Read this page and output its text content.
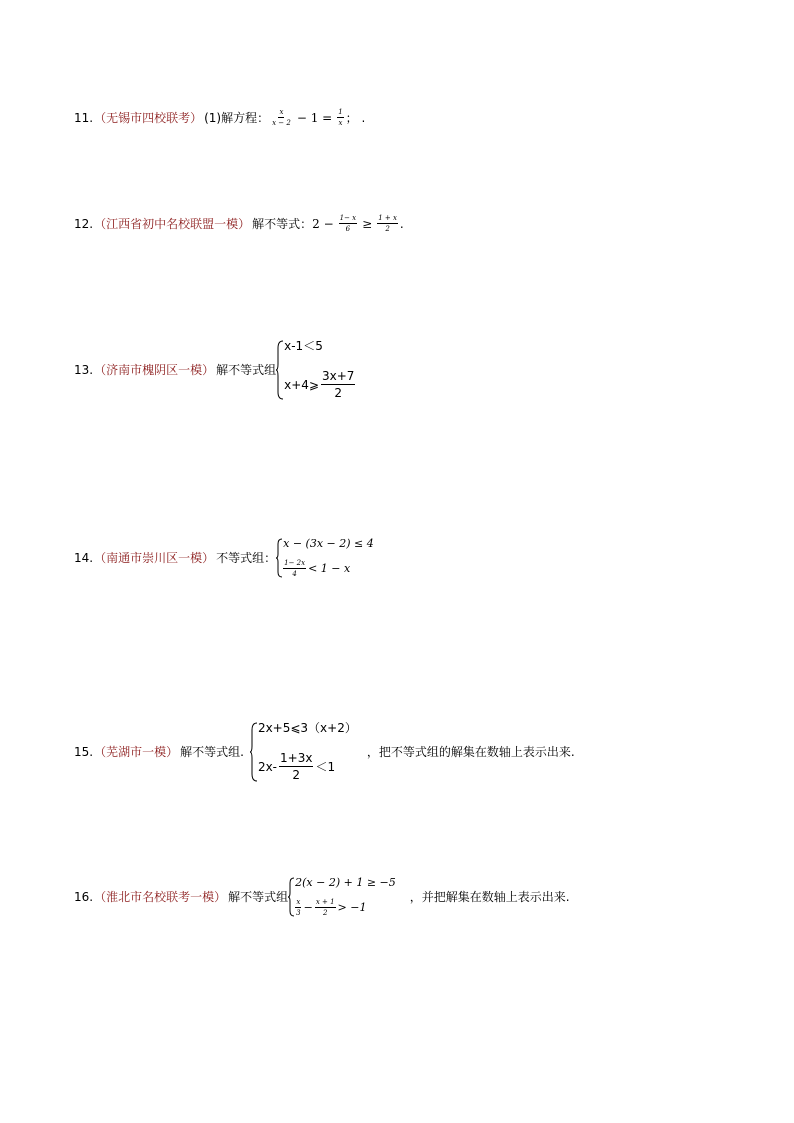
11. （无锡市四校联考） (1)解方程： $\frac{x}{x - 2} - 1 = \frac{1}{x}$ ； .
12. （江西省初中名校联盟一模） 解不等式： $2 - \frac{1- x}{6} \ge \frac{1 + x}{2}$ .
13. （济南市槐阴区一模） 解不等式组
x-1＜5
x+4⩾ $\frac{3x+7}{2}$
14. （南通市崇川区一模） 不等式组：
x − (3x − 2) ≤ 4
$\frac{1- 2x}{4} < 1 - x$
15. （芜湖市一模） 解不等式组.
2x+5⩽3（x+2）
$2x- \frac{1+3x}{2} <1$
，把不等式组的解集在数轴上表示出来.
16. （淮北市名校联考一模） 解不等式组
2(x − 2) + 1 ≥ −5
$\frac{x}{3} - \frac{x + 1}{2} > -1$
，并把解集在数轴上表示出来.
